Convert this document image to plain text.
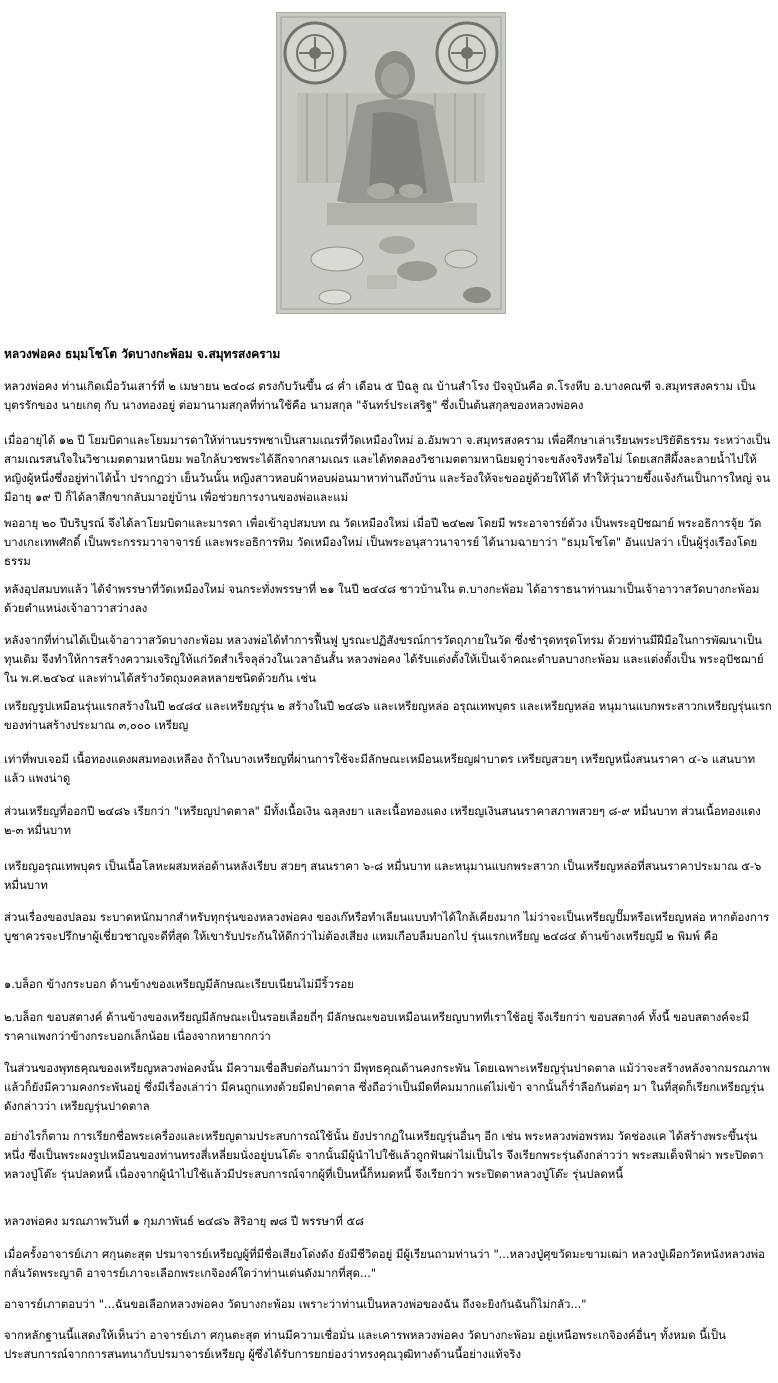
หลวงพ่อคง ธมฺมโชโต วัดบางกะพ้อม จ.สมุทรสงคราม
หลวงพ่อคง ท่านเกิดเมื่อวันเสาร์ที่ ๒ เมษายน ๒๔๐๘ ตรงกับวันขึ้น ๘ ค่ำ เดือน ๕ ปีฉลู ณ บ้านสำโรง ปัจจุบันคือ ต.โรงหีบ อ.บางคณฑี จ.สมุทรสงคราม เป็นบุตรรักของ นายเกตุ กับ นางทองอยู่ ต่อมานามสกุลที่ท่านใช้คือ นามสกุล "จันทร์ประเสริฐ" ซึ่งเป็นต้นสกุลของหลวงพ่อคง
เมื่ออายุได้ ๑๒ ปี โยมบิดาและโยมมารดาให้ท่านบรรพชาเป็นสามเณรที่วัดเหมืองใหม่ อ.อัมพวา จ.สมุทรสงคราม เพื่อศึกษาเล่าเรียนพระปริยัติธรรม ระหว่างเป็นสามเณรสนใจในวิชาเมตตามหานิยม พอใกล้บวชพระได้ลึกจากสามเณร และได้ทดลองวิชาเมตตามหานิยมดูว่าจะขลังจริงหรือไม่ โดยเสกสีผึ้งละลายน้ำไปให้หญิงผู้หนึ่งซึ่งอยู่ท่าเได้น้ำ ปรากฏว่า เย็นวันนั้น หญิงสาวหอบผ้าหอบผ่อนมาหาท่านถึงบ้าน และร้องให้จะขออยู่ด้วยให้ได้ ทำให้วุ่นวายขึ้งแจ้งกันเป็นการใหญ่ จนมีอายุ ๑๙ ปี ก็ได้ลาสึกขากลับมาอยู่บ้าน เพื่อช่วยการงานของพ่อและแม่
พออายุ ๒๐ ปีบริบูรณ์ จึงได้ลาโยมบิดาและมารดา เพื่อเข้าอุปสมบท ณ วัดเหมืองใหม่ เมื่อปี ๒๔๒๗ โดยมี พระอาจารย์ด้วง เป็นพระอุปัชฌาย์ พระอธิการจุ้ย วัดบางเกะเทพศักดิ์ เป็นพระกรรมวาจาจารย์ และพระอธิการทิม วัดเหมืองใหม่ เป็นพระอนุสาวนาจารย์ ได้นามฉายาว่า "ธมฺมโชโต" อันแปลว่า เป็นผู้รุ่งเรืองโดยธรรม
หลังอุปสมบทแล้ว ได้จำพรรษาที่วัดเหมืองใหม่ จนกระทั่งพรรษาที่ ๒๑ ในปี ๒๔๔๘ ชาวบ้านใน ต.บางกะพ้อม ได้อาราธนาท่านมาเป็นเจ้าอาวาสวัดบางกะพ้อม ด้วยตำแหน่งเจ้าอาวาสว่างลง
หลังจากที่ท่านได้เป็นเจ้าอาวาสวัดบางกะพ้อม หลวงพ่อได้ทำการฟื้นฟู บูรณะปฏิสังขรณ์การวัตถุภายในวัด ซึ่งชำรุดทรุดโทรม ด้วยท่านมีฝีมือในการพัฒนาเป็นทุนเดิม จึงทำให้การสร้างความเจริญให้แก่วัดสำเร็จลุล่วงในเวลาอันสั้น หลวงพ่อคง ได้รับแต่งตั้งให้เป็นเจ้าคณะตำบลบางกะพ้อม และแต่งตั้งเป็น พระอุปัชฌาย์ ใน พ.ศ.๒๔๖๔ และท่านได้สร้างวัตถุมงคลหลายชนิดด้วยกัน เช่น
เหรียญรูปเหมือนรุ่นแรกสร้างในปี ๒๔๘๔ และเหรียญรุ่น ๒ สร้างในปี ๒๔๘๖ และเหรียญหล่อ อรุณเทพบุตร และเหรียญหล่อ หนุมานแบกพระสาวกเหรียญรุ่นแรกของท่านสร้างประมาณ ๓,๐๐๐ เหรียญ
เท่าที่พบเจอมี เนื้อทองแดงผสมทองเหลือง ถ้าในบางเหรียญที่ผ่านการใช้จะมีลักษณะเหมือนเหรียญฝาบาตร เหรียญสวยๆ เหรียญหนึ่งสนนราคา ๔-๖ แสนบาทแล้ว แพงน่าดู
ส่วนเหรียญที่ออกปี ๒๔๘๖ เรียกว่า "เหรียญปาดตาล" มีทั้งเนื้อเงิน ฉลุลงยา และเนื้อทองแดง เหรียญเงินสนนราคาสภาพสวยๆ ๘-๙ หมื่นบาท ส่วนเนื้อทองแดง ๒-๓ หมื่นบาท
เหรียญอรุณเทพบุตร เป็นเนื้อโลหะผสมหล่อด้านหลังเรียบ สวยๆ สนนราคา ๖-๘ หมื่นบาท และหนุมานแบกพระสาวก เป็นเหรียญหล่อที่สนนราคาประมาณ ๕-๖ หมื่นบาท
ส่วนเรื่องของปลอม ระบาดหนักมากสำหรับทุกรุ่นของหลวงพ่อคง ของเก๊หรือทำเลียนแบบทำได้ใกล้เคียงมาก ไม่ว่าจะเป็นเหรียญปั๊มหรือเหรียญหล่อ หากต้องการบูชาควรจะปรึกษาผู้เชี่ยวชาญจะดีที่สุด ให้เขารับประกันให้ดีกว่าไม่ต้องเสียง แหมเกือบลืมบอกไป รุ่นแรกเหรียญ ๒๔๘๔ ด้านข้างเหรียญมี ๒ พิมพ์ คือ
๑.บล็อก ข้างกระบอก ด้านข้างของเหรียญมีลักษณะเรียบเนียนไม่มีริ้วรอย
๒.บล็อก ขอบสตางค์ ด้านข้างของเหรียญมีลักษณะเป็นรอยเลื่อยถี่ๆ มีลักษณะขอบเหมือนเหรียญบาทที่เราใช้อยู่ จึงเรียกว่า ขอบสตางค์ ทั้งนี้ ขอบสตางค์จะมีราคาแพงกว่าข้างกระบอกเล็กน้อย เนื่องจากหายากกว่า
ในส่วนของพุทธคุณของเหรียญหลวงพ่อคงนั้น มีความเชื่อสืบต่อกันมาว่า มีพุทธคุณด้านคงกระพัน โดยเฉพาะเหรียญรุ่นปาดตาล แม้ว่าจะสร้างหลังจากมรณภาพแล้วก็ยังมีความคงกระพันอยู่ ซึ่งมีเรื่องเล่าว่า มีคนถูกแทงด้วยมีดปาดตาล ซึ่งถือว่าเป็นมีดที่คมมากแต่ไม่เข้า จากนั้นก็ร่ำลือกันต่อๆ มา ในที่สุดก็เรียกเหรียญรุ่นดังกล่าวว่า เหรียญรุ่นปาดตาล
อย่างไรก็ตาม การเรียกชื่อพระเครื่องและเหรียญตามประสบการณ์ใช้นั้น ยังปรากฏในเหรียญรุ่นอื่นๆ อีก เช่น พระหลวงพ่อพรหม วัดช่องแค ได้สร้างพระขึ้นรุ่นหนึ่ง ซึ่งเป็นพระผงรูปเหมือนของท่านทรงสี่เหลี่ยมนั่งอยู่บนโต๊ะ จากนั้นมีผู้นำไปใช้แล้วถูกฟันผ่าไม่เป็นไร จึงเรียกพระรุ่นดังกล่าวว่า พระสมเด็จฟ้าผ่า พระปิดตาหลวงปู่โต๊ะ รุ่นปลดหนี้ เนื่องจากผู้นำไปใช้แล้วมีประสบการณ์จากผู้ที่เป็นหนี้ก็หมดหนี้ จึงเรียกว่า พระปิดตาหลวงปู่โต๊ะ รุ่นปลดหนี้
หลวงพ่อคง มรณภาพวันที่ ๑ กุมภาพันธ์ ๒๔๘๖ สิริอายุ ๗๘ ปี พรรษาที่ ๕๘
เมื่อครั้งอาจารย์เภา ศกุนตะสุต ปรมาจารย์เหรียญผู้ที่มีชื่อเสียงโด่งดัง ยังมีชีวิตอยู่ มีผู้เรียนถามท่านว่า "...หลวงปู่ศุขวัดมะขามเฒ่า หลวงปู่เผือกวัดหนังหลวงพ่อกลั่นวัดพระญาติ อาจารย์เภาจะเลือกพระเกจิองค์ใดว่าท่านเด่นดังมากที่สุด..."
อาจารย์เภาตอบว่า "...ฉันขอเลือกหลวงพ่อคง วัดบางกะพ้อม เพราะว่าท่านเป็นหลวงพ่อของฉัน ถึงจะยิงกันฉันก็ไม่กลัว..."
จากหลักฐานนี้แสดงให้เห็นว่า อาจารย์เภา ศกุนตะสุต ท่านมีความเชื่อมั่น และเคารพหลวงพ่อคง วัดบางกะพ้อม อยู่เหนือพระเกจิองค์อื่นๆ ทั้งหมด นี้เป็นประสบการณ์จากการสนทนากับปรมาจารย์เหรียญ ผู้ซึ่งได้รับการยกย่องว่าทรงคุณวุฒิทางด้านนี้อย่างแท้จริง
